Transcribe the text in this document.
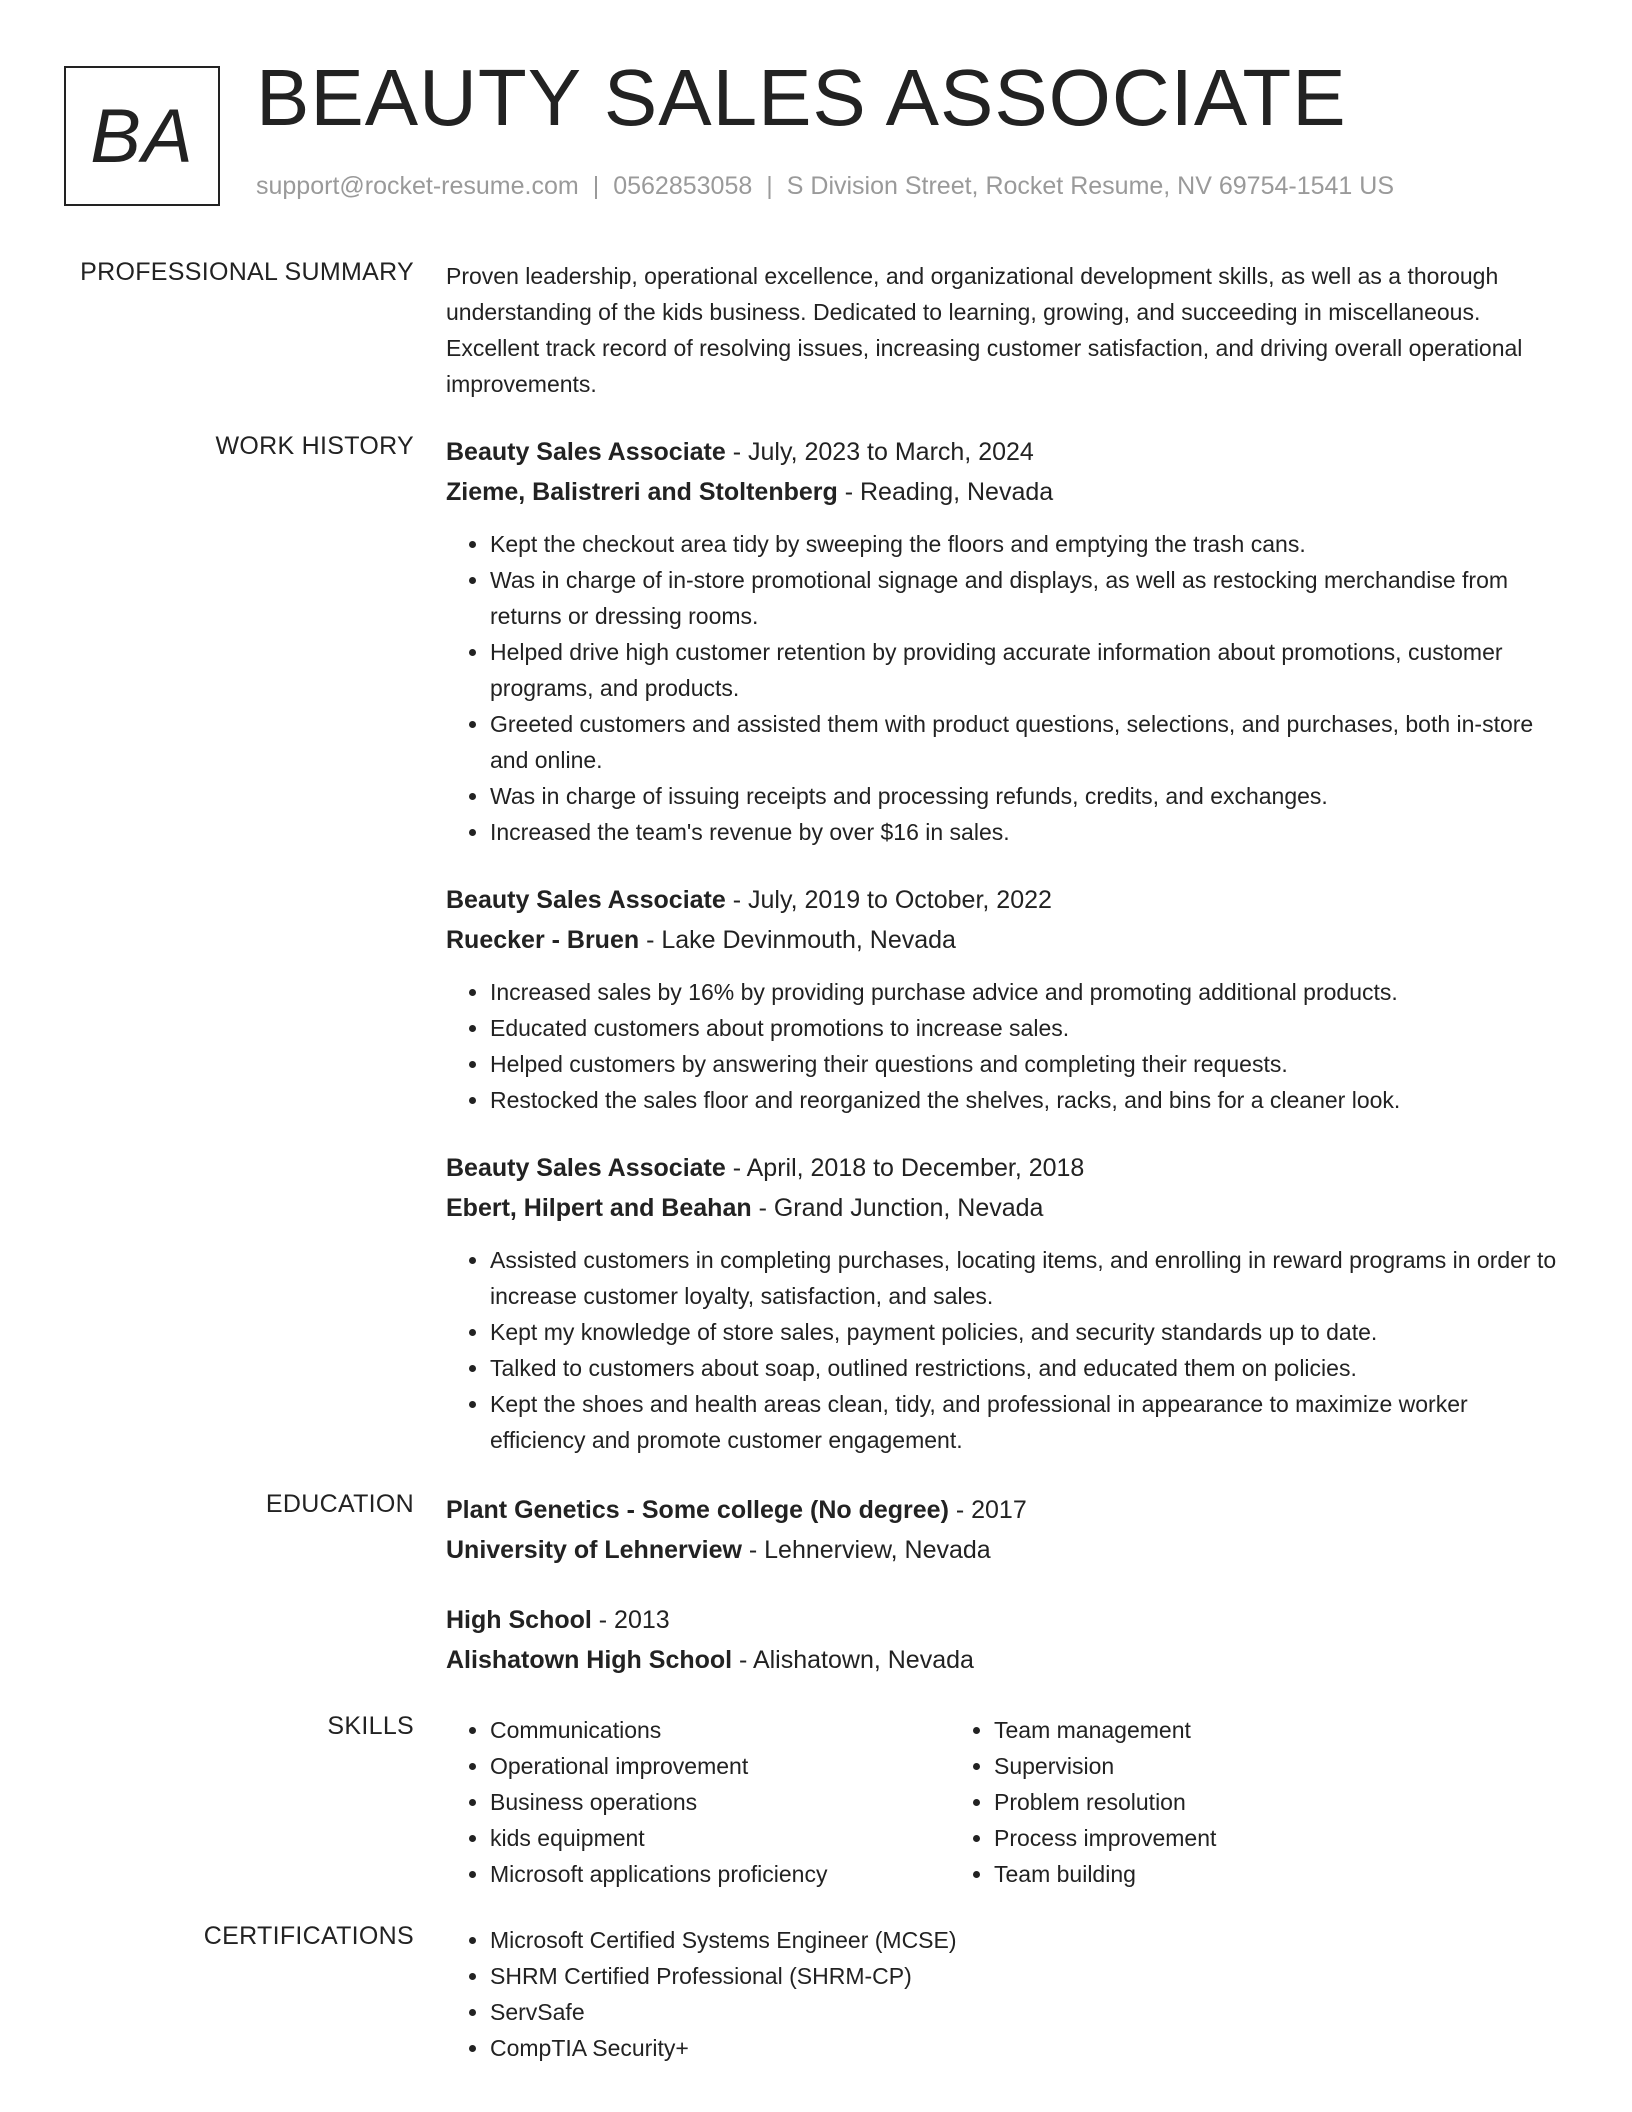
BA BEAUTY SALES ASSOCIATE
support@rocket-resume.com | 0562853058 | S Division Street, Rocket Resume, NV 69754-1541 US
PROFESSIONAL SUMMARY Proven leadership, operational excellence, and organizational development skills, as well as a thorough understanding of the kids business. Dedicated to learning, growing, and succeeding in miscellaneous. Excellent track record of resolving issues, increasing customer satisfaction, and driving overall operational improvements.

WORK HISTORY Beauty Sales Associate - July, 2023 to March, 2024
Zieme, Balistreri and Stoltenberg - Reading, Nevada
• Kept the checkout area tidy by sweeping the floors and emptying the trash cans.
• Was in charge of in-store promotional signage and displays, as well as restocking merchandise from returns or dressing rooms.
• Helped drive high customer retention by providing accurate information about promotions, customer programs, and products.
• Greeted customers and assisted them with product questions, selections, and purchases, both in-store and online.
• Was in charge of issuing receipts and processing refunds, credits, and exchanges.
• Increased the team's revenue by over $16 in sales.
Beauty Sales Associate - July, 2019 to October, 2022
Ruecker - Bruen - Lake Devinmouth, Nevada
• Increased sales by 16% by providing purchase advice and promoting additional products.
• Educated customers about promotions to increase sales.
• Helped customers by answering their questions and completing their requests.
• Restocked the sales floor and reorganized the shelves, racks, and bins for a cleaner look.
Beauty Sales Associate - April, 2018 to December, 2018
Ebert, Hilpert and Beahan - Grand Junction, Nevada
• Assisted customers in completing purchases, locating items, and enrolling in reward programs in order to increase customer loyalty, satisfaction, and sales.
• Kept my knowledge of store sales, payment policies, and security standards up to date.
• Talked to customers about soap, outlined restrictions, and educated them on policies.
• Kept the shoes and health areas clean, tidy, and professional in appearance to maximize worker efficiency and promote customer engagement.
EDUCATION Plant Genetics - Some college (No degree) - 2017
University of Lehnerview - Lehnerview, Nevada
High School - 2013
Alishatown High School - Alishatown, Nevada
SKILLS	• Communications
• Operational improvement
• Business operations
• kids equipment
• Microsoft applications proficiency
• Team management
• Supervision
• Problem resolution
• Process improvement
• Team building
CERTIFICATIONS	• Microsoft Certified Systems Engineer (MCSE)
• SHRM Certified Professional (SHRM-CP)
• ServSafe
• CompTIA Security+
